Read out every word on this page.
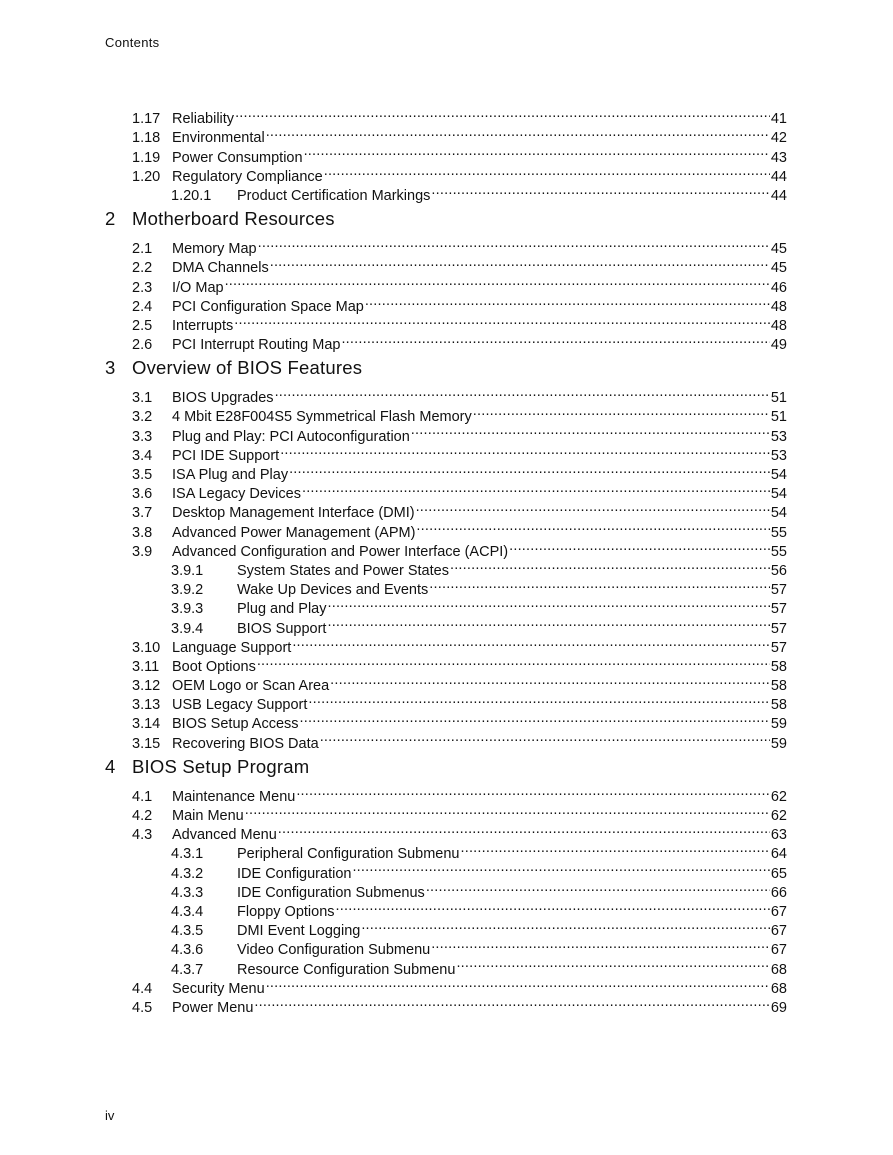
Contents
1.17 Reliability .....	41
1.18 Environmental .....	42
1.19 Power Consumption .....	43
1.20 Regulatory Compliance .....	44
1.20.1	Product Certification Markings .....	44
2 Motherboard Resources
2.1	Memory Map .....	45
2.2	DMA Channels .....	45
2.3	I/O Map .....	46
2.4	PCI Configuration Space Map .....	48
2.5	Interrupts .....	48
2.6	PCI Interrupt Routing Map .....	49
3 Overview of BIOS Features
3.1	BIOS Upgrades .....	51
3.2	4 Mbit E28F004S5 Symmetrical Flash Memory .....	51
3.3	Plug and Play: PCI Autoconfiguration .....	53
3.4	PCI IDE Support .....	53
3.5	ISA Plug and Play .....	54
3.6	ISA Legacy Devices .....	54
3.7	Desktop Management Interface (DMI) .....	54
3.8	Advanced Power Management (APM) .....	55
3.9	Advanced Configuration and Power Interface (ACPI) .....	55
3.9.1	System States and Power States .....	56
3.9.2	Wake Up Devices and Events .....	57
3.9.3	Plug and Play .....	57
3.9.4	BIOS Support .....	57
3.10 Language Support .....	57
3.11 Boot Options .....	58
3.12 OEM Logo or Scan Area .....	58
3.13 USB Legacy Support .....	58
3.14 BIOS Setup Access .....	59
3.15 Recovering BIOS Data .....	59
4 BIOS Setup Program
4.1	Maintenance Menu .....	62
4.2	Main Menu .....	62
4.3	Advanced Menu .....	63
4.3.1	Peripheral Configuration Submenu .....	64
4.3.2	IDE Configuration .....	65
4.3.3	IDE Configuration Submenus .....	66
4.3.4	Floppy Options .....	67
4.3.5	DMI Event Logging .....	67
4.3.6	Video Configuration Submenu .....	67
4.3.7	Resource Configuration Submenu .....	68
4.4	Security Menu .....	68
4.5	Power Menu .....	69
iv
